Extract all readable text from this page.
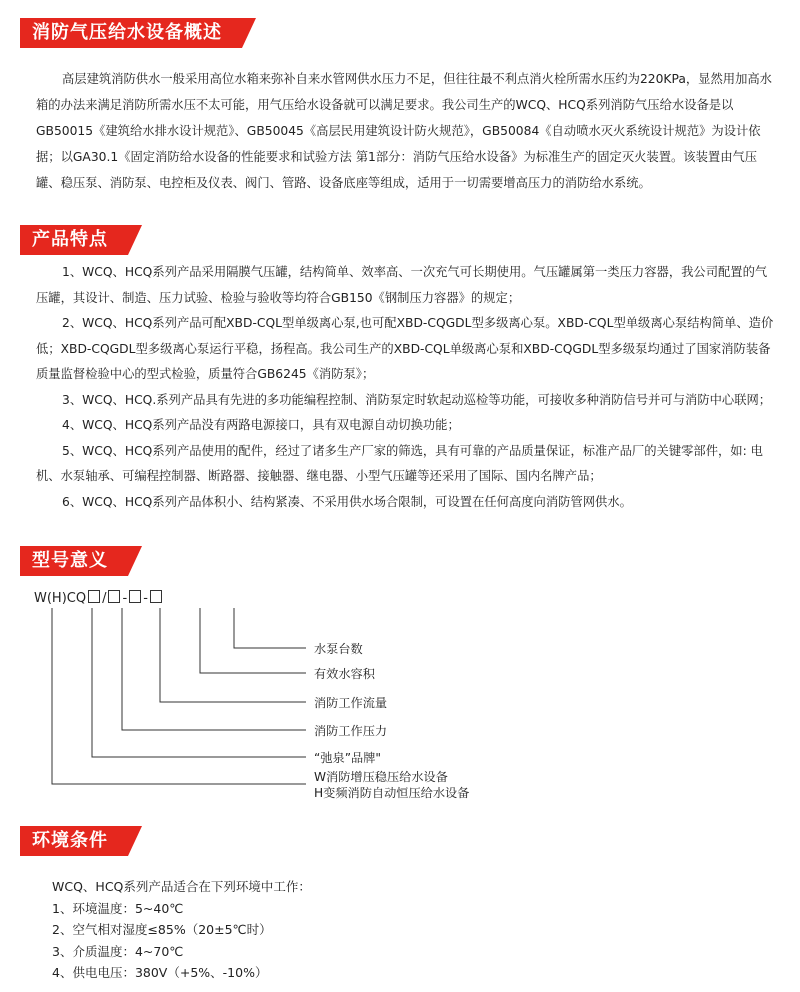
消防气压给水设备概述

高层建筑消防供水一般采用高位水箱来弥补自来水管网供水压力不足，但往往最不利点消火栓所需水压约为220KPa，显然用加高水箱的办法来满足消防所需水压不太可能，用气压给水设备就可以满足要求。我公司生产的WCQ、HCQ系列消防气压给水设备是以GB50015《建筑给水排水设计规范》、GB50045《高层民用建筑设计防火规范》，GB50084《自动喷水灭火系统设计规范》为设计依据；以GA30.1《固定消防给水设备的性能要求和试验方法 第1部分：消防气压给水设备》为标准生产的固定灭火装置。该装置由气压罐、稳压泵、消防泵、电控柜及仪表、阀门、管路、设备底座等组成，适用于一切需要增高压力的消防给水系统。

产品特点

1、WCQ、HCQ系列产品采用隔膜气压罐，结构简单、效率高、一次充气可长期使用。气压罐属第一类压力容器，我公司配置的气压罐，其设计、制造、压力试验、检验与验收等均符合GB150《钢制压力容器》的规定；

2、WCQ、HCQ系列产品可配XBD-CQL型单级离心泵,也可配XBD-CQGDL型多级离心泵。XBD-CQL型单级离心泵结构简单、造价低；XBD-CQGDL型多级离心泵运行平稳，扬程高。我公司生产的XBD-CQL单级离心泵和XBD-CQGDL型多级泵均通过了国家消防装备质量监督检验中心的型式检验，质量符合GB6245《消防泵》；

3、WCQ、HCQ.系列产品具有先进的多功能编程控制、消防泵定时软起动巡检等功能，可接收多种消防信号并可与消防中心联网；

4、WCQ、HCQ系列产品没有两路电源接口，具有双电源自动切换功能；

5、WCQ、HCQ系列产品使用的配件，经过了诸多生产厂家的筛选，具有可靠的产品质量保证，标准产品厂的关键零部件，如: 电机、水泵轴承、可编程控制器、断路器、接触器、继电器、小型气压罐等还采用了国际、国内名牌产品；

6、WCQ、HCQ系列产品体积小、结构紧凑、不采用供水场合限制，可设置在任何高度向消防管网供水。

型号意义
W(H)CQ / - -
水泵台数
有效水容积
消防工作流量
消防工作压力
“弛泉”品牌"
W消防增压稳压给水设备
H变频消防自动恒压给水设备
环境条件

WCQ、HCQ系列产品适合在下列环境中工作：

1、环境温度：5~40℃

2、空气相对湿度≤85%（20±5℃时）

3、介质温度：4~70℃

4、供电电压：380V（+5%、-10%）
